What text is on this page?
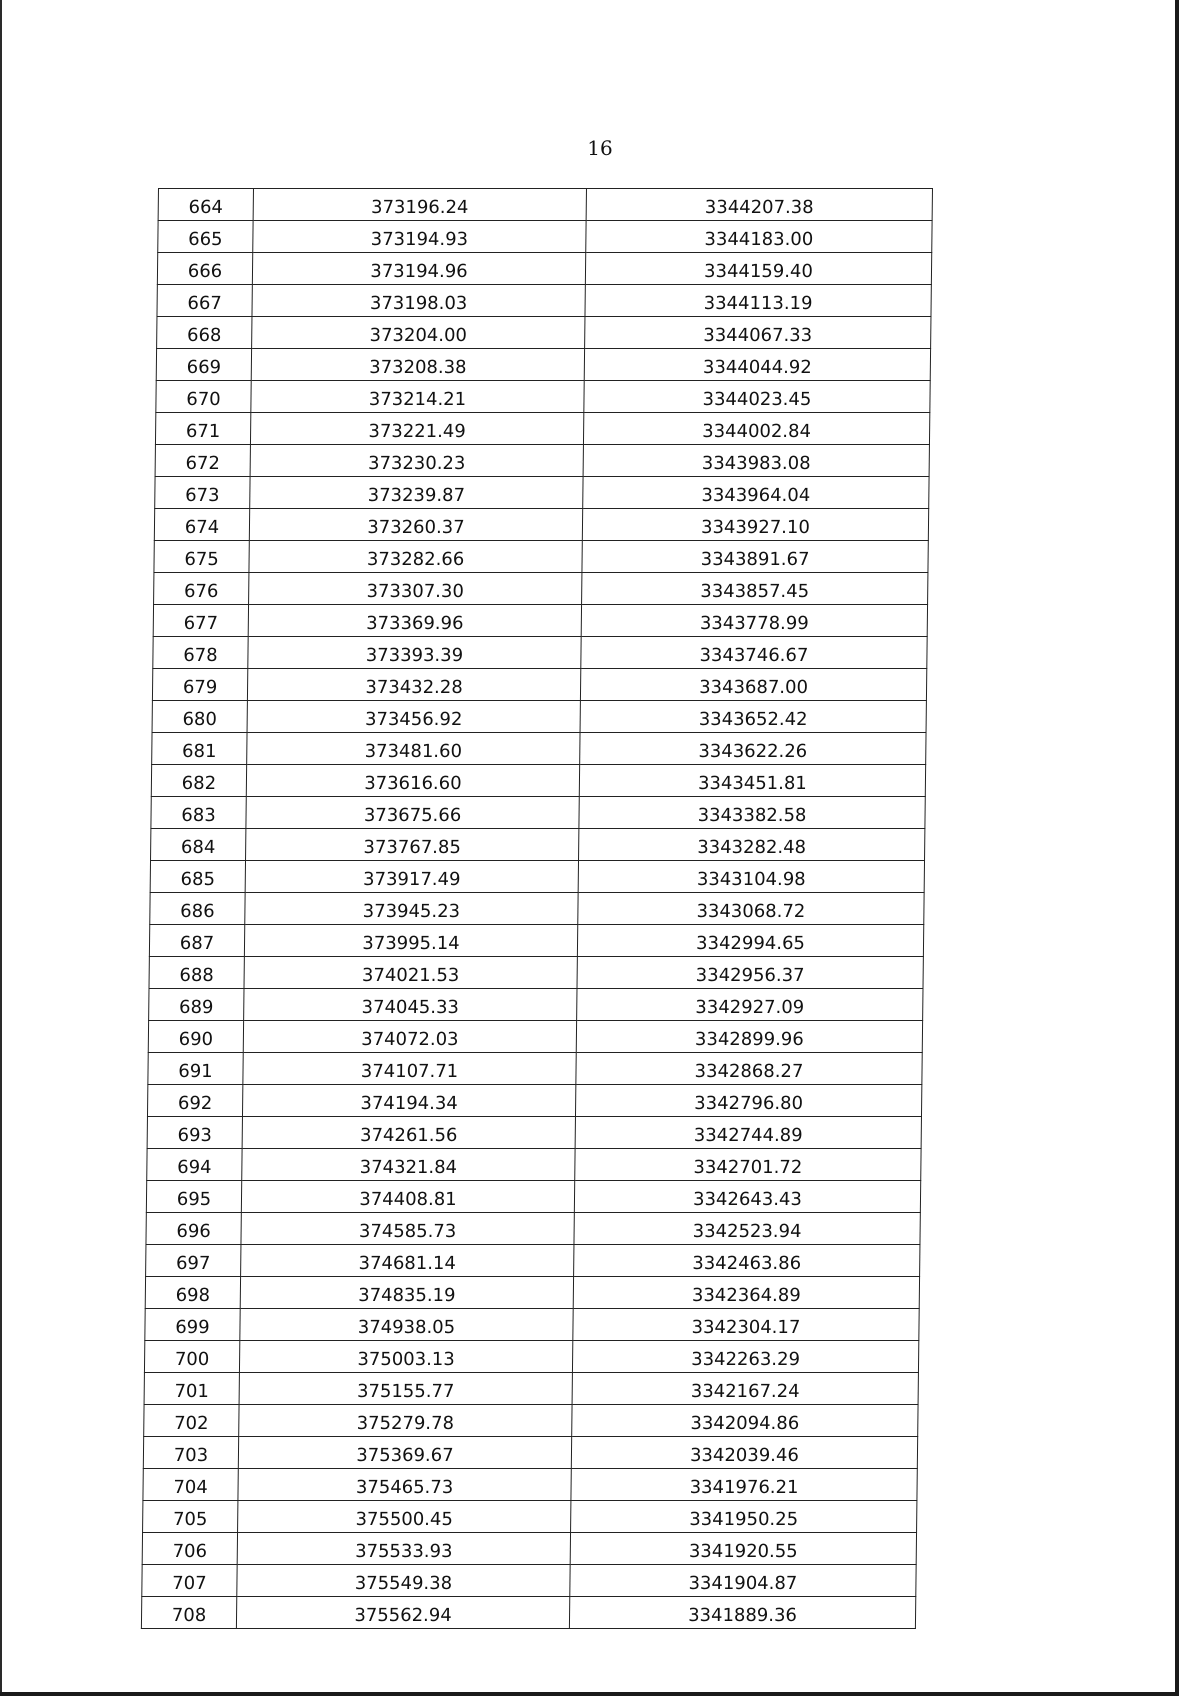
16
664	373196.24	3344207.38
665	373194.93	3344183.00
666	373194.96	3344159.40
667	373198.03	3344113.19
668	373204.00	3344067.33
669	373208.38	3344044.92
670	373214.21	3344023.45
671	373221.49	3344002.84
672	373230.23	3343983.08
673	373239.87	3343964.04
674	373260.37	3343927.10
675	373282.66	3343891.67
676	373307.30	3343857.45
677	373369.96	3343778.99
678	373393.39	3343746.67
679	373432.28	3343687.00
680	373456.92	3343652.42
681	373481.60	3343622.26
682	373616.60	3343451.81
683	373675.66	3343382.58
684	373767.85	3343282.48
685	373917.49	3343104.98
686	373945.23	3343068.72
687	373995.14	3342994.65
688	374021.53	3342956.37
689	374045.33	3342927.09
690	374072.03	3342899.96
691	374107.71	3342868.27
692	374194.34	3342796.80
693	374261.56	3342744.89
694	374321.84	3342701.72
695	374408.81	3342643.43
696	374585.73	3342523.94
697	374681.14	3342463.86
698	374835.19	3342364.89
699	374938.05	3342304.17
700	375003.13	3342263.29
701	375155.77	3342167.24
702	375279.78	3342094.86
703	375369.67	3342039.46
704	375465.73	3341976.21
705	375500.45	3341950.25
706	375533.93	3341920.55
707	375549.38	3341904.87
708	375562.94	3341889.36
